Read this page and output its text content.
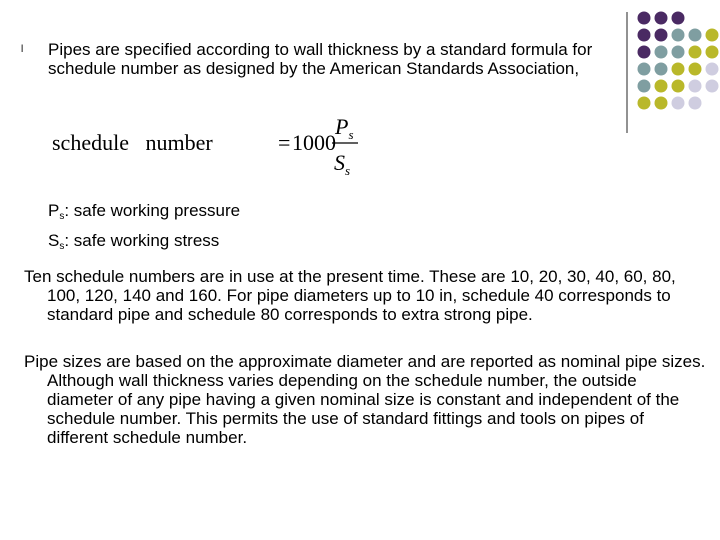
l Pipes are specified according to wall thickness by a standard formula for schedule number as designed by the American Standards Association,
schedule   number	= 1000
$P_s$
$S_s$
$P_s$: safe working pressure
$S_s$: safe working stress

Ten schedule numbers are in use at the present time. These are 10, 20, 30, 40, 60, 80, 100, 120, 140 and 160. For pipe diameters up to 10 in, schedule 40 corresponds to standard pipe and schedule 80 corresponds to extra strong pipe.

Pipe sizes are based on the approximate diameter and are reported as nominal pipe sizes. Although wall thickness varies depending on the schedule number, the outside diameter of any pipe having a given nominal size is constant and independent of the schedule number. This permits the use of standard fittings and tools on pipes of different schedule number.
